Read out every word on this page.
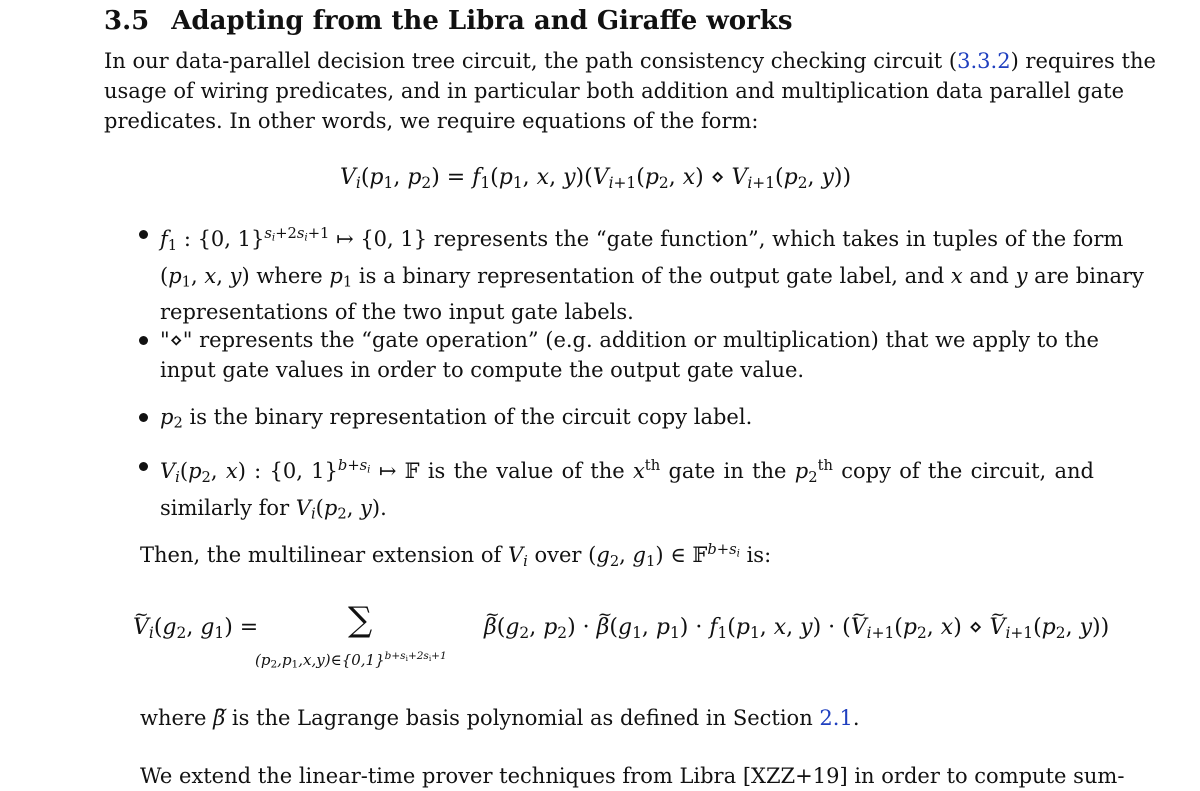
3.5 Adapting from the Libra and Giraffe works

In our data-parallel decision tree circuit, the path consistency checking circuit (3.3.2) requires the

usage of wiring predicates, and in particular both addition and multiplication data parallel gate

predicates. In other words, we require equations of the form:

$Vi(p_1$, $p_2) = f_1(p_1$, x, $y)(Vi_{+1}(p_2$, x) ⋄ $Vi_{+1}(p_2$, y))

$f_1$ : {0, 1}$^{si+2si+1}$ ↦ {0, 1} represents the “gate function”, which takes in tuples of the form

($p_1$, x, y) where $p_1$ is a binary representation of the output gate label, and x and y are binary

representations of the two input gate labels.

"⋄" represents the “gate operation” (e.g. addition or multiplication) that we apply to the

input gate values in order to compute the output gate value.

$p_2$ is the binary representation of the circuit copy label.

$Vi(p_2$, x) : {0, 1}$^{b+si}$ ↦ 𝔽 is the value of the $x^{th}$ gate in the $p_2^{th}$ copy of the circuit, and

similarly for $Vi(p_2$, y).

Then, the multilinear extension of Vi over ($g_2$, $g_1$) ∈ 𝔽$^{b+si}$ is:
~ $Vi(g_2$, $g_1$) =	∑
$(p_2,p_1,x,y)\in\{0,1\}^{b+s_i+2s_i+1}$
~ $\beta(g_2$, $p_2$) · ~ $\beta(g_1$, $p_1) \cdot f_1(p_1$, x, y) · (~ $Vi_{+1}(p_2$, x) ⋄ ~ $Vi_{+1}(p_2$, y))
where ~ β is the Lagrange basis polynomial as defined in Section 2.1.

We extend the linear-time prover techniques from Libra [XZZ+19] in order to compute sum-
